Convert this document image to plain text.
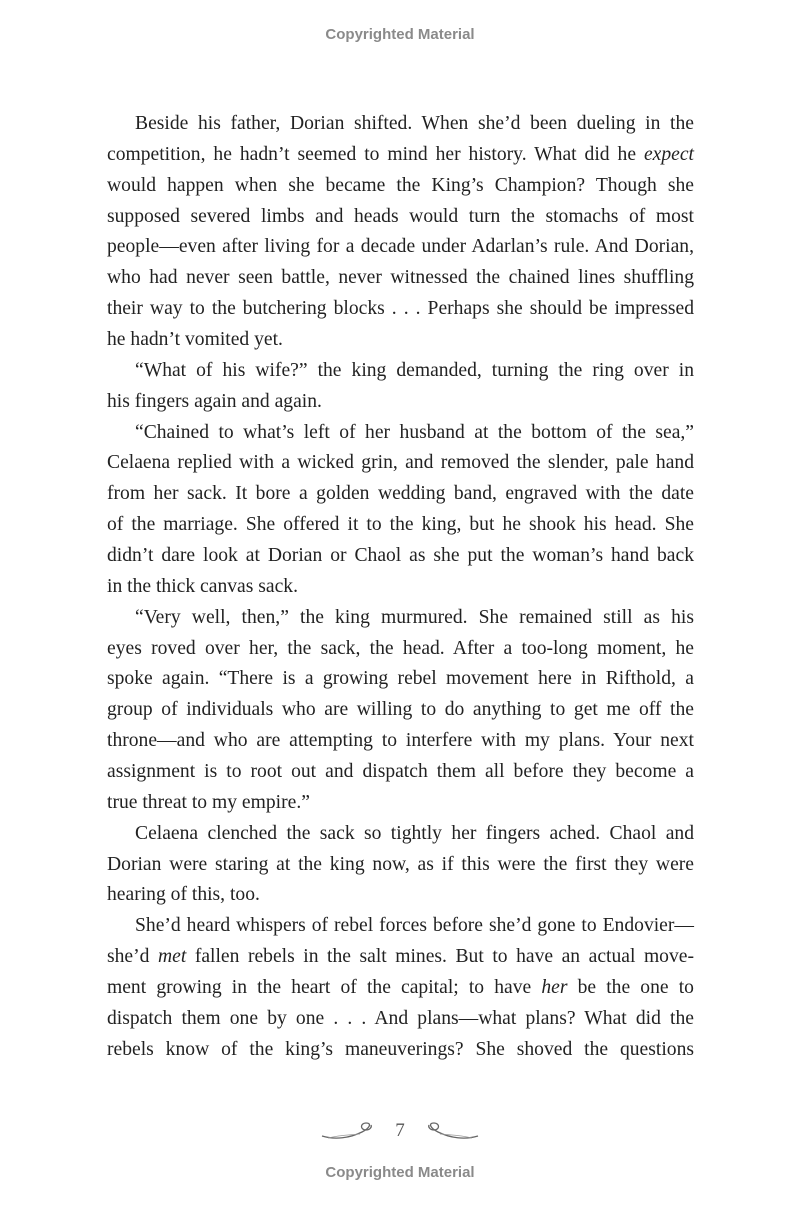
Copyrighted Material
Beside his father, Dorian shifted. When she’d been dueling in the
competition, he hadn’t seemed to mind her history. What did he expect
would happen when she became the King’s Champion? Though she
supposed severed limbs and heads would turn the stomachs of most
people—even after living for a decade under Adarlan’s rule. And Dorian,
who had never seen battle, never witnessed the chained lines shuffling
their way to the butchering blocks . . . Perhaps she should be impressed
he hadn’t vomited yet.
“What of his wife?” the king demanded, turning the ring over in
his fingers again and again.
“Chained to what’s left of her husband at the bottom of the sea,”
Celaena replied with a wicked grin, and removed the slender, pale hand
from her sack. It bore a golden wedding band, engraved with the date
of the marriage. She offered it to the king, but he shook his head. She
didn’t dare look at Dorian or Chaol as she put the woman’s hand back
in the thick canvas sack.
“Very well, then,” the king murmured. She remained still as his
eyes roved over her, the sack, the head. After a too-long moment, he
spoke again. “There is a growing rebel movement here in Rifthold, a
group of individuals who are willing to do anything to get me off the
throne—and who are attempting to interfere with my plans. Your next
assignment is to root out and dispatch them all before they become a
true threat to my empire.”
Celaena clenched the sack so tightly her fingers ached. Chaol and
Dorian were staring at the king now, as if this were the first they were
hearing of this, too.
She’d heard whispers of rebel forces before she’d gone to Endovier—
she’d met fallen rebels in the salt mines. But to have an actual move-
ment growing in the heart of the capital; to have her be the one to
dispatch them one by one . . . And plans—what plans? What did the
rebels know of the king’s maneuverings? She shoved the questions
7
Copyrighted Material
